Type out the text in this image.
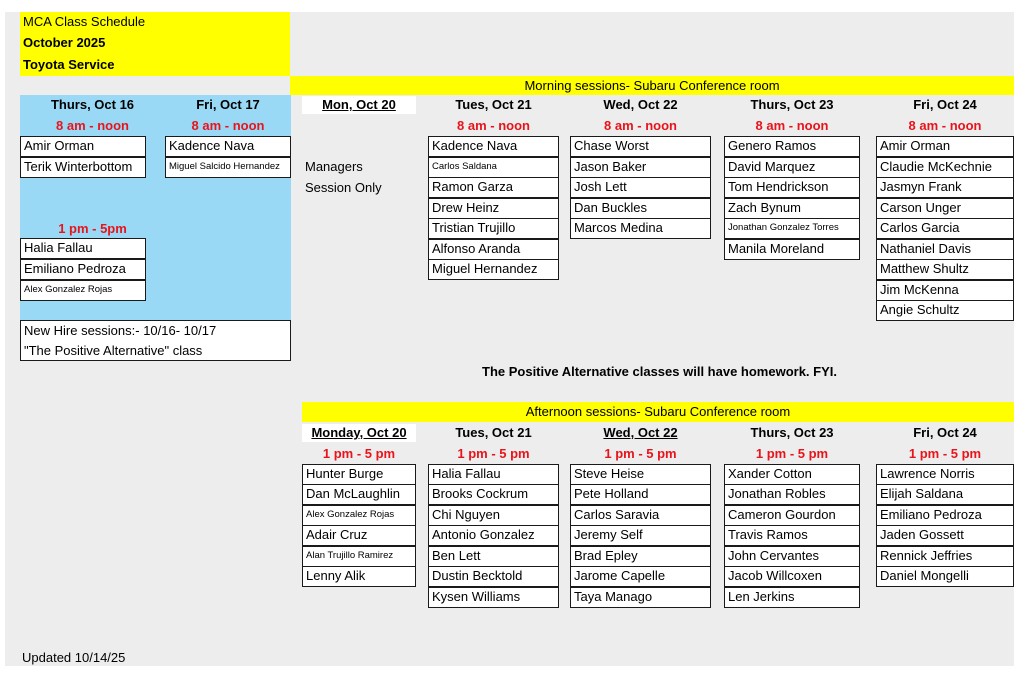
MCA Class Schedule
October 2025
Toyota Service
Morning sessions- Subaru Conference room
Thurs, Oct 16	Fri, Oct 17
8 am - noon	8 am - noon
Amir Orman
Terik Winterbottom
Kadence Nava
Miguel Salcido Hernandez
1 pm - 5pm
Halia Fallau
Emiliano Pedroza
Alex Gonzalez Rojas
New Hire sessions:- 10/16- 10/17
"The Positive Alternative" class
Mon, Oct 20
Managers
Session Only
Tues, Oct 21
8 am - noon
Kadence Nava
Carlos Saldana
Ramon Garza
Drew Heinz
Tristian Trujillo
Alfonso Aranda
Miguel Hernandez
Wed, Oct 22
8 am - noon
Chase Worst
Jason Baker
Josh Lett
Dan Buckles
Marcos Medina
Thurs, Oct 23
8 am - noon
Genero Ramos
David Marquez
Tom Hendrickson
Zach Bynum
Jonathan Gonzalez Torres
Manila Moreland
Fri, Oct 24
8 am - noon
Amir Orman
Claudie McKechnie
Jasmyn Frank
Carson Unger
Carlos Garcia
Nathaniel Davis
Matthew Shultz
Jim McKenna
Angie Schultz
The Positive Alternative classes will have homework. FYI.
Afternoon sessions- Subaru Conference room
Monday, Oct 20
1 pm - 5 pm
Hunter Burge
Dan McLaughlin
Alex Gonzalez Rojas
Adair Cruz
Alan Trujillo Ramirez
Lenny Alik
Tues, Oct 21
1 pm - 5 pm
Halia Fallau
Brooks Cockrum
Chi Nguyen
Antonio Gonzalez
Ben Lett
Dustin Becktold
Kysen Williams
Wed, Oct 22
1 pm - 5 pm
Steve Heise
Pete Holland
Carlos Saravia
Jeremy Self
Brad Epley
Jarome Capelle
Taya Manago
Thurs, Oct 23
1 pm - 5 pm
Xander Cotton
Jonathan Robles
Cameron Gourdon
Travis Ramos
John Cervantes
Jacob Willcoxen
Len Jerkins
Fri, Oct 24
1 pm - 5 pm
Lawrence Norris
Elijah Saldana
Emiliano Pedroza
Jaden Gossett
Rennick Jeffries
Daniel Mongelli
Updated 10/14/25
